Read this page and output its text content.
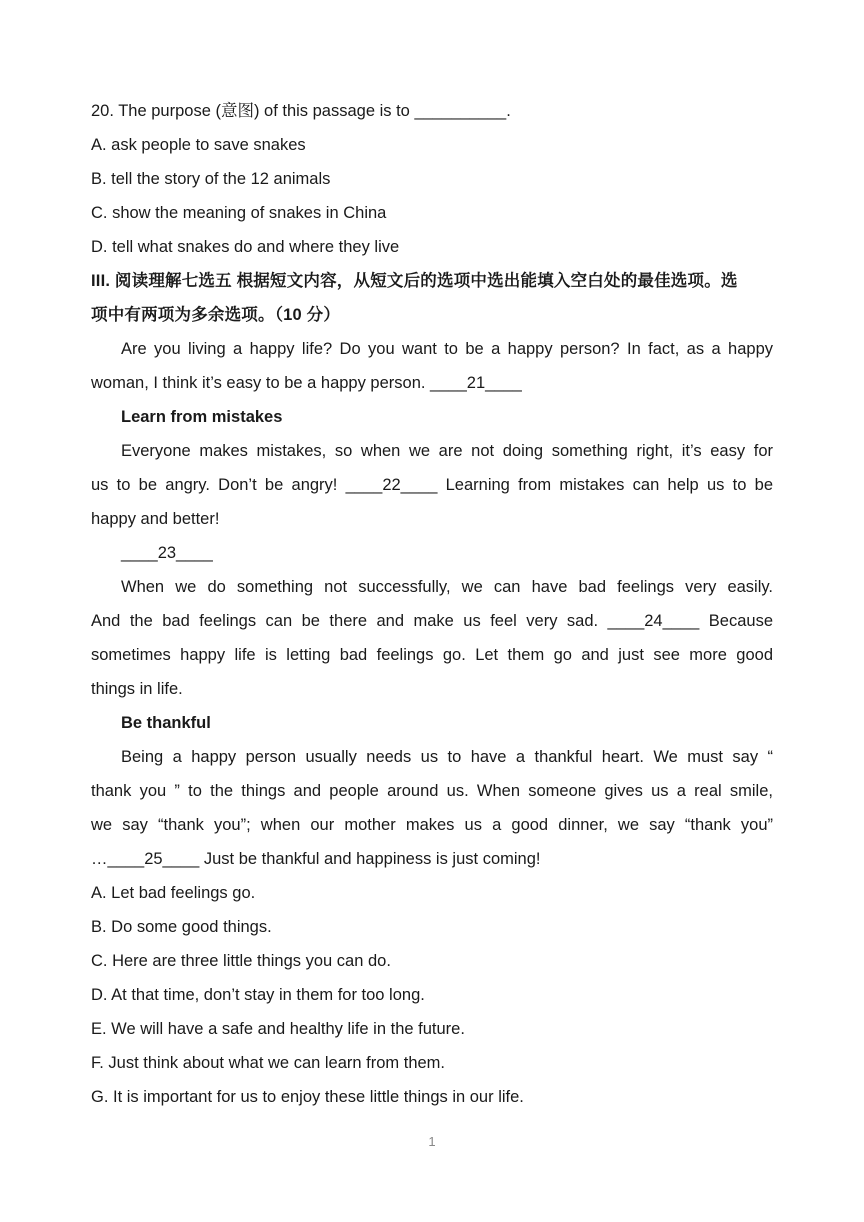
20. The purpose (意图) of this passage is to __________.
A. ask people to save snakes
B. tell the story of the 12 animals
C. show the meaning of snakes in China
D. tell what snakes do and where they live
III. 阅读理解七选五 根据短文内容，从短文后的选项中选出能填入空白处的最佳选项。选
项中有两项为多余选项。（10 分）
Are you living a happy life? Do you want to be a happy person? In fact, as a happy
woman, I think it’s easy to be a happy person. ____21____
Learn from mistakes
Everyone makes mistakes, so when we are not doing something right, it’s easy for
us to be angry. Don’t be angry! ____22____ Learning from mistakes can help us to be
happy and better!
____23____
When we do something not successfully, we can have bad feelings very easily.
And the bad feelings can be there and make us feel very sad. ____24____ Because
sometimes happy life is letting bad feelings go. Let them go and just see more good
things in life.
Be thankful
Being a happy person usually needs us to have a thankful heart. We must say “
thank you ” to the things and people around us. When someone gives us a real smile,
we say “thank you”; when our mother makes us a good dinner, we say “thank you”
…____25____ Just be thankful and happiness is just coming!
A. Let bad feelings go.
B. Do some good things.
C. Here are three little things you can do.
D. At that time, don’t stay in them for too long.
E. We will have a safe and healthy life in the future.
F. Just think about what we can learn from them.
G. It is important for us to enjoy these little things in our life.
1
